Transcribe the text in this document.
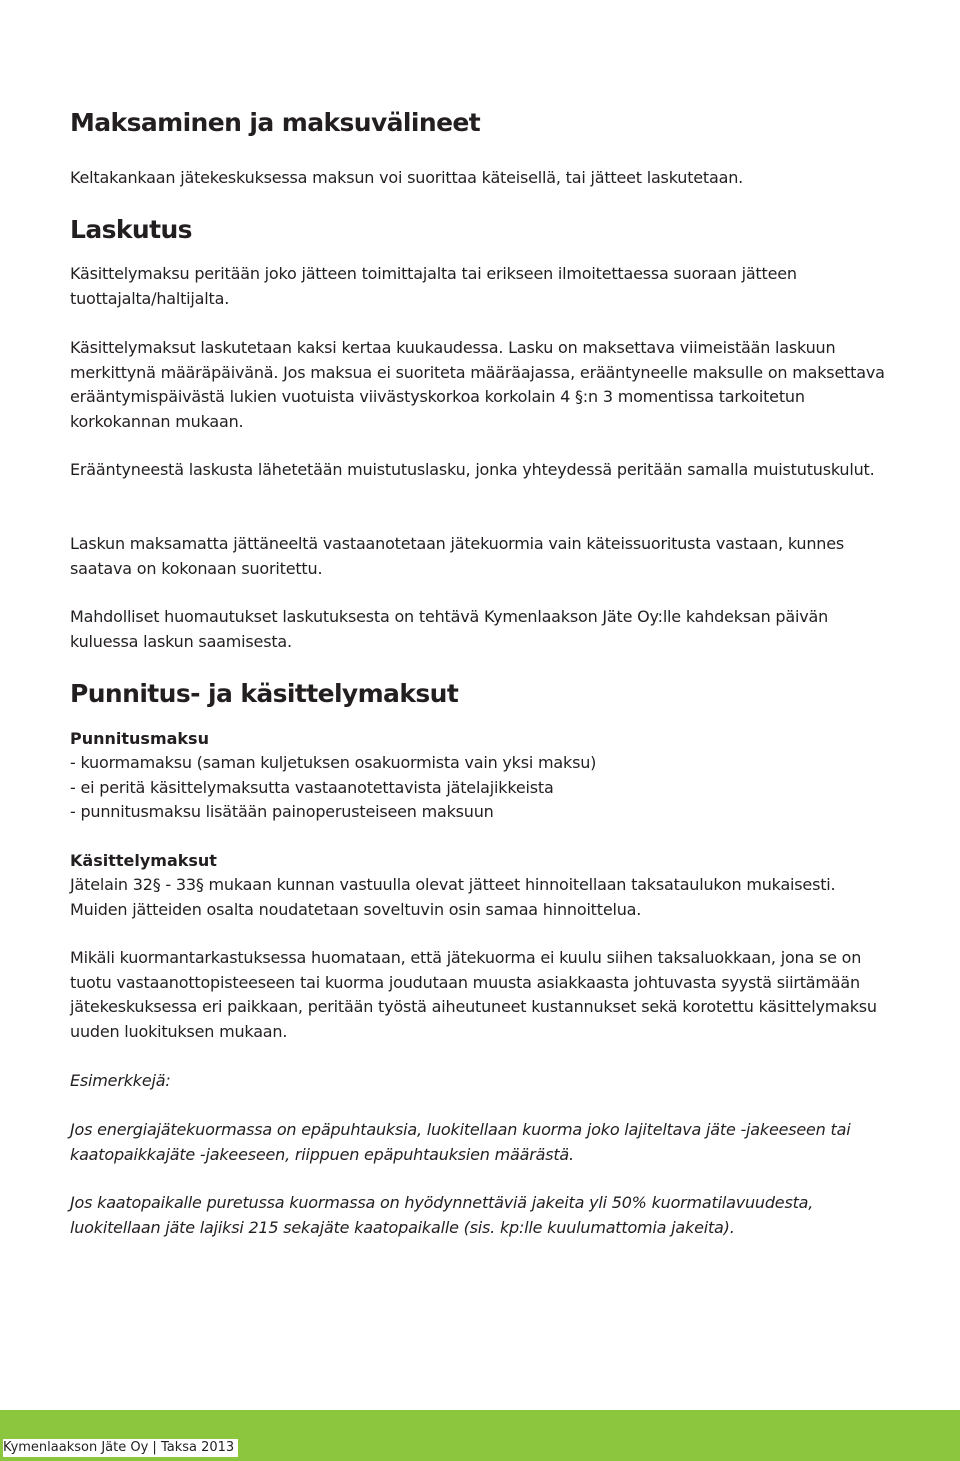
Maksaminen ja maksuvälineet

Keltakankaan jätekeskuksessa maksun voi suorittaa käteisellä, tai jätteet laskutetaan.

Laskutus

Käsittelymaksu peritään joko jätteen toimittajalta tai erikseen ilmoitettaessa suoraan jätteen tuottajalta/haltijalta.

Käsittelymaksut laskutetaan kaksi kertaa kuukaudessa. Lasku on maksettava viimeistään laskuun merkittynä määräpäivänä. Jos maksua ei suoriteta määräajassa, erääntyneelle maksulle on maksettava erääntymispäivästä lukien vuotuista viivästyskorkoa korkolain 4 §:n 3 momentissa tarkoitetun korkokannan mukaan.

Erääntyneestä laskusta lähetetään muistutuslasku, jonka yhteydessä peritään samalla muistutuskulut.

Laskun maksamatta jättäneeltä vastaanotetaan jätekuormia vain käteissuoritusta vastaan, kunnes saatava on kokonaan suoritettu.

Mahdolliset huomautukset laskutuksesta on tehtävä Kymenlaakson Jäte Oy:lle kahdeksan päivän kuluessa laskun saamisesta.

Punnitus- ja käsittelymaksut
Punnitusmaksu

- kuormamaksu (saman kuljetuksen osakuormista vain yksi maksu)

- ei peritä käsittelymaksutta vastaanotettavista jätelajikkeista

- punnitusmaksu lisätään painoperusteiseen maksuun

Käsittelymaksut

Jätelain 32§ - 33§ mukaan kunnan vastuulla olevat jätteet hinnoitellaan taksataulukon mukaisesti. Muiden jätteiden osalta noudatetaan soveltuvin osin samaa hinnoittelua.

Mikäli kuormantarkastuksessa huomataan, että jätekuorma ei kuulu siihen taksaluokkaan, jona se on tuotu vastaanottopisteeseen tai kuorma joudutaan muusta asiakkaasta johtuvasta syystä siirtämään jätekeskuksessa eri paikkaan, peritään työstä aiheutuneet kustannukset sekä korotettu käsittelymaksu uuden luokituksen mukaan.

Esimerkkejä:

Jos energiajätekuormassa on epäpuhtauksia, luokitellaan kuorma joko lajiteltava jäte -jakeeseen tai kaatopaikkajäte -jakeeseen, riippuen epäpuhtauksien määrästä.

Jos kaatopaikalle puretussa kuormassa on hyödynnettäviä jakeita yli 50% kuormatilavuudesta, luokitellaan jäte lajiksi 215 sekajäte kaatopaikalle (sis. kp:lle kuulumattomia jakeita).

Kymenlaakson Jäte Oy | Taksa 2013
